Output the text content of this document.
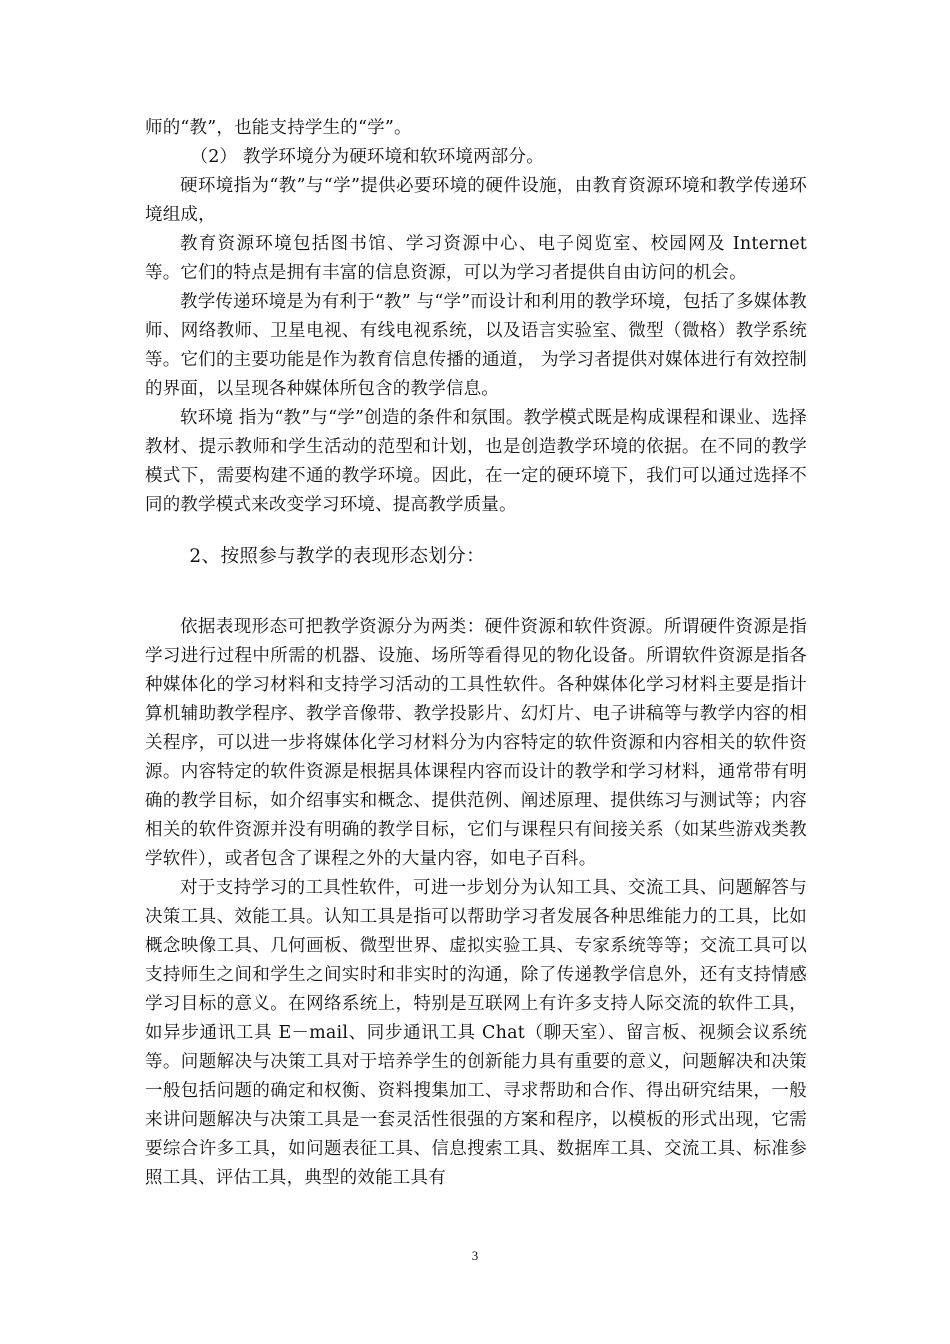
师的“教”，也能支持学生的“学”。

（2） 教学环境分为硬环境和软环境两部分。

硬环境指为“教”与“学”提供必要环境的硬件设施，由教育资源环境和教学传递环境组成，

教育资源环境包括图书馆、学习资源中心、电子阅览室、校园网及 Internet 等。它们的特点是拥有丰富的信息资源，可以为学习者提供自由访问的机会。

教学传递环境是为有利于“教” 与“学”而设计和利用的教学环境，包括了多媒体教师、网络教师、卫星电视、有线电视系统，以及语言实验室、微型（微格）教学系统等。它们的主要功能是作为教育信息传播的通道， 为学习者提供对媒体进行有效控制的界面，以呈现各种媒体所包含的教学信息。

软环境 指为“教”与“学”创造的条件和氛围。教学模式既是构成课程和课业、选择教材、提示教师和学生活动的范型和计划，也是创造教学环境的依据。在不同的教学模式下，需要构建不通的教学环境。因此，在一定的硬环境下，我们可以通过选择不同的教学模式来改变学习环境、提高教学质量。

2、按照参与教学的表现形态划分：

依据表现形态可把教学资源分为两类：硬件资源和软件资源。所谓硬件资源是指学习进行过程中所需的机器、设施、场所等看得见的物化设备。所谓软件资源是指各种媒体化的学习材料和支持学习活动的工具性软件。各种媒体化学习材料主要是指计算机辅助教学程序、教学音像带、教学投影片、幻灯片、电子讲稿等与教学内容的相关程序，可以进一步将媒体化学习材料分为内容特定的软件资源和内容相关的软件资源。内容特定的软件资源是根据具体课程内容而设计的教学和学习材料，通常带有明确的教学目标，如介绍事实和概念、提供范例、阐述原理、提供练习与测试等；内容相关的软件资源并没有明确的教学目标，它们与课程只有间接关系（如某些游戏类教学软件），或者包含了课程之外的大量内容，如电子百科。

对于支持学习的工具性软件，可进一步划分为认知工具、交流工具、问题解答与决策工具、效能工具。认知工具是指可以帮助学习者发展各种思维能力的工具，比如概念映像工具、几何画板、微型世界、虚拟实验工具、专家系统等等；交流工具可以支持师生之间和学生之间实时和非实时的沟通，除了传递教学信息外，还有支持情感学习目标的意义。在网络系统上，特别是互联网上有许多支持人际交流的软件工具，如异步通讯工具 E－mail、同步通讯工具 Chat（聊天室）、留言板、视频会议系统等。问题解决与决策工具对于培养学生的创新能力具有重要的意义，问题解决和决策一般包括问题的确定和权衡、资料搜集加工、寻求帮助和合作、得出研究结果，一般来讲问题解决与决策工具是一套灵活性很强的方案和程序，以模板的形式出现，它需要综合许多工具，如问题表征工具、信息搜索工具、数据库工具、交流工具、标准参照工具、评估工具，典型的效能工具有

3
